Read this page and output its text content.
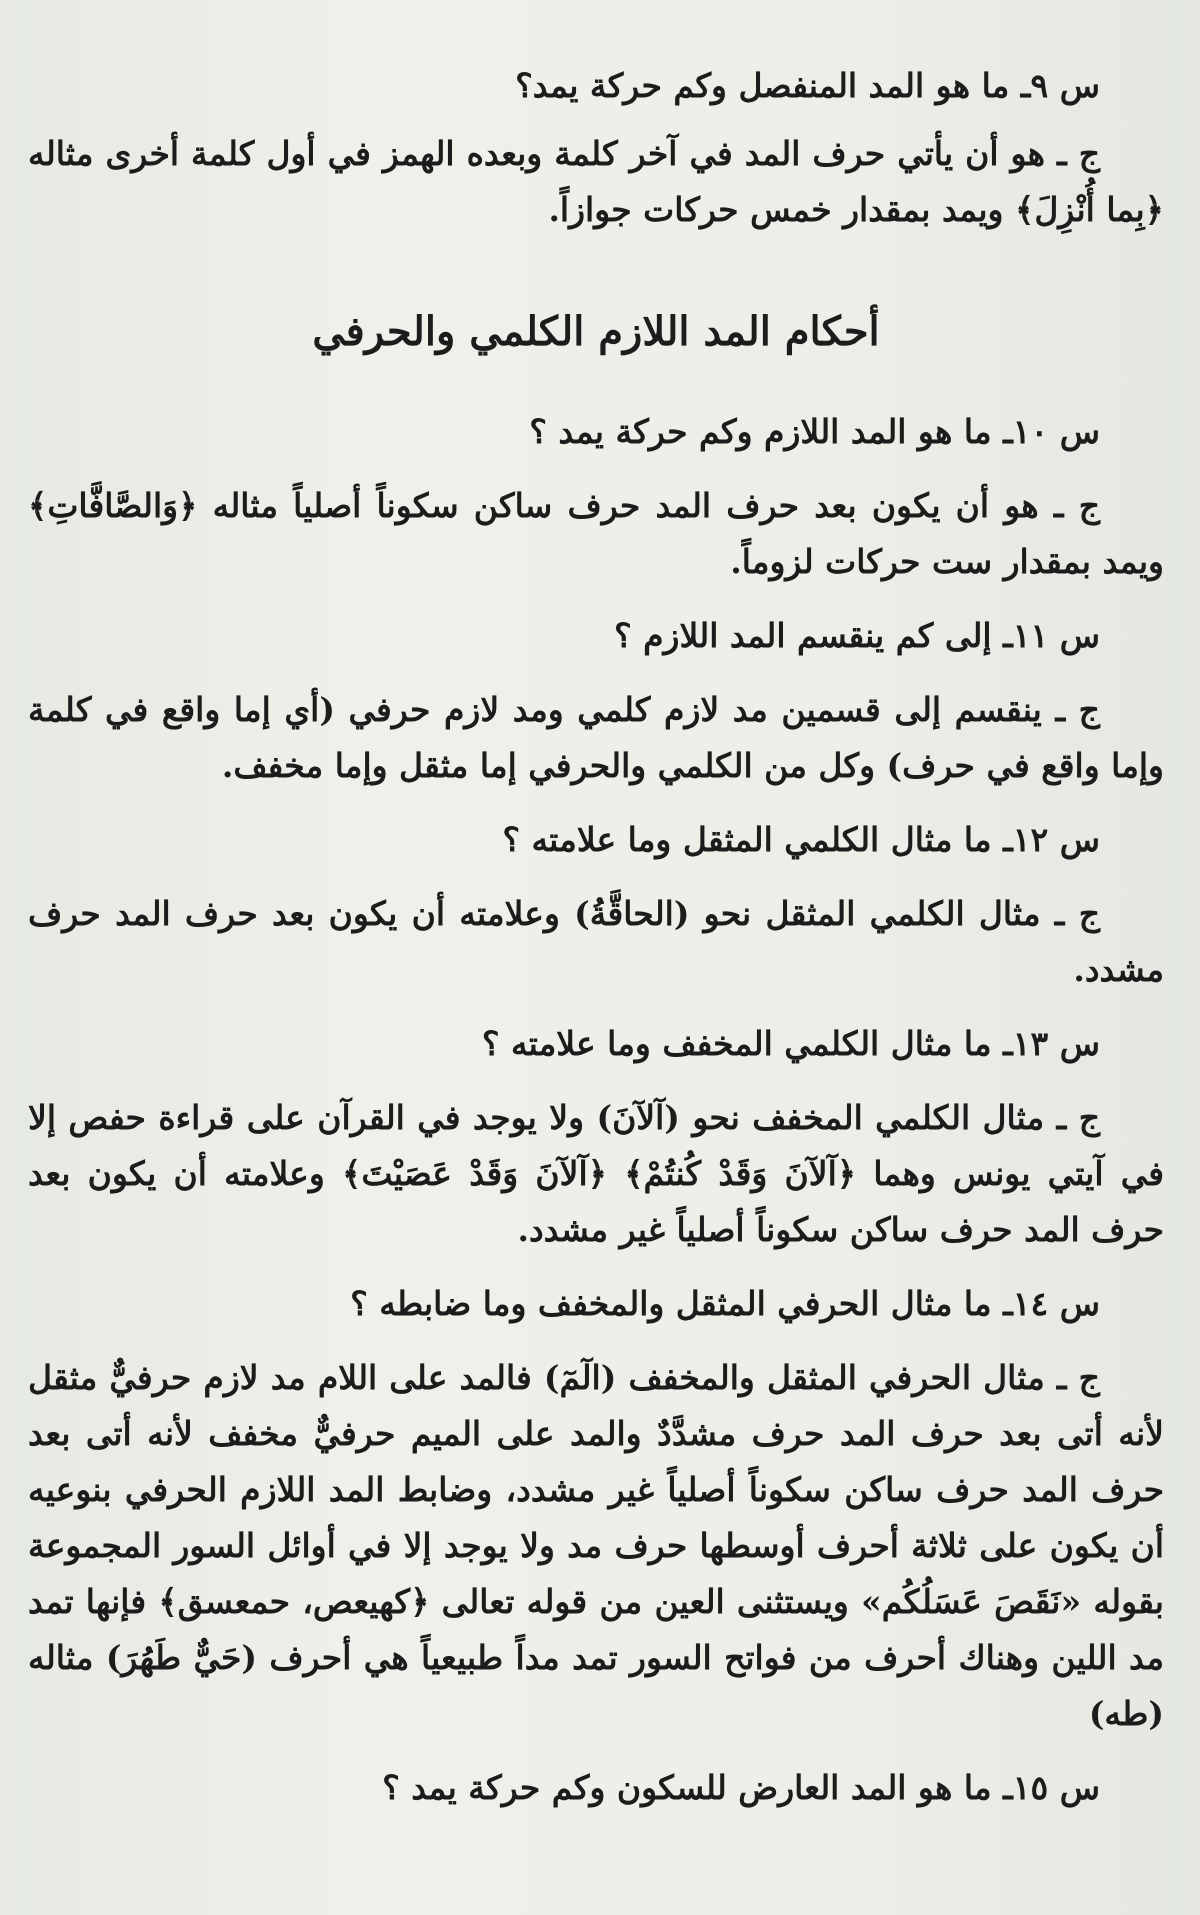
س ٩ـ ما هو المد المنفصل وكم حركة يمد؟

ج ـ هو أن يأتي حرف المد في آخر كلمة وبعده الهمز في أول كلمة أخرى مثاله ﴿بِما أُنْزِلَ﴾ ويمد بمقدار خمس حركات جوازاً.

أحكام المد اللازم الكلمي والحرفي

س ١٠ـ ما هو المد اللازم وكم حركة يمد ؟

ج ـ هو أن يكون بعد حرف المد حرف ساكن سكوناً أصلياً مثاله ﴿وَالصَّافَّاتِ﴾ ويمد بمقدار ست حركات لزوماً.

س ١١ـ إلى كم ينقسم المد اللازم ؟

ج ـ ينقسم إلى قسمين مد لازم كلمي ومد لازم حرفي (أي إما واقع في كلمة وإما واقع في حرف) وكل من الكلمي والحرفي إما مثقل وإما مخفف.

س ١٢ـ ما مثال الكلمي المثقل وما علامته ؟

ج ـ مثال الكلمي المثقل نحو (الحاقَّةُ) وعلامته أن يكون بعد حرف المد حرف مشدد.

س ١٣ـ ما مثال الكلمي المخفف وما علامته ؟

ج ـ مثال الكلمي المخفف نحو (آلآنَ) ولا يوجد في القرآن على قراءة حفص إلا في آيتي يونس وهما ﴿آلآنَ وَقَدْ كُنتُمْ﴾ ﴿آلآنَ وَقَدْ عَصَيْتَ﴾ وعلامته أن يكون بعد حرف المد حرف ساكن سكوناً أصلياً غير مشدد.

س ١٤ـ ما مثال الحرفي المثقل والمخفف وما ضابطه ؟

ج ـ مثال الحرفي المثقل والمخفف (الٓمٓ) فالمد على اللام مد لازم حرفيٌّ مثقل لأنه أتى بعد حرف المد حرف مشدَّدٌ والمد على الميم حرفيٌّ مخفف لأنه أتى بعد حرف المد حرف ساكن سكوناً أصلياً غير مشدد، وضابط المد اللازم الحرفي بنوعيه أن يكون على ثلاثة أحرف أوسطها حرف مد ولا يوجد إلا في أوائل السور المجموعة بقوله «نَقَصَ عَسَلُكُم» ويستثنى العين من قوله تعالى ﴿كهيعص، حمعسق﴾ فإنها تمد مد اللين وهناك أحرف من فواتح السور تمد مداً طبيعياً هي أحرف (حَيٌّ طَهُرَ) مثاله (طه)

س ١٥ـ ما هو المد العارض للسكون وكم حركة يمد ؟
